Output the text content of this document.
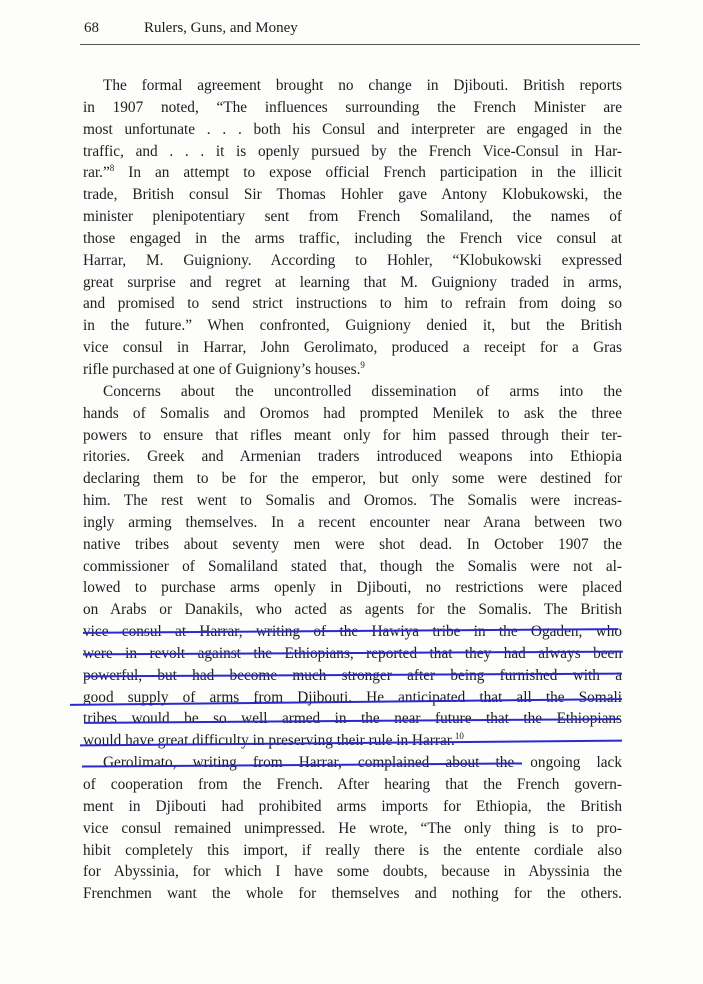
68	Rulers, Guns, and Money
The formal agreement brought no change in Djibouti. British reports
in 1907 noted, “The influences surrounding the French Minister are
most unfortunate . . . both his Consul and interpreter are engaged in the
traffic, and . . . it is openly pursued by the French Vice-Consul in Har-
rar.”$^8$ In an attempt to expose official French participation in the illicit
trade, British consul Sir Thomas Hohler gave Antony Klobukowski, the
minister plenipotentiary sent from French Somaliland, the names of
those engaged in the arms traffic, including the French vice consul at
Harrar, M. Guigniony. According to Hohler, “Klobukowski expressed
great surprise and regret at learning that M. Guigniony traded in arms,
and promised to send strict instructions to him to refrain from doing so
in the future.” When confronted, Guigniony denied it, but the British
vice consul in Harrar, John Gerolimato, produced a receipt for a Gras
rifle purchased at one of Guigniony’s houses.$^9$
Concerns about the uncontrolled dissemination of arms into the
hands of Somalis and Oromos had prompted Menilek to ask the three
powers to ensure that rifles meant only for him passed through their ter-
ritories. Greek and Armenian traders introduced weapons into Ethiopia
declaring them to be for the emperor, but only some were destined for
him. The rest went to Somalis and Oromos. The Somalis were increas-
ingly arming themselves. In a recent encounter near Arana between two
native tribes about seventy men were shot dead. In October 1907 the
commissioner of Somaliland stated that, though the Somalis were not al-
lowed to purchase arms openly in Djibouti, no restrictions were placed
on Arabs or Danakils, who acted as agents for the Somalis. The British
vice consul at Harrar, writing of the Hawiya tribe in the Ogaden, who
were in revolt against the Ethiopians, reported that they had always been
powerful, but had become much stronger after being furnished with a
good supply of arms from Djibouti. He anticipated that all the Somali
tribes would be so well armed in the near future that the Ethiopians
would have great difficulty in preserving their rule in Harrar.$^{10}$
Gerolimato, writing from Harrar, complained about the ongoing lack
of cooperation from the French. After hearing that the French govern-
ment in Djibouti had prohibited arms imports for Ethiopia, the British
vice consul remained unimpressed. He wrote, “The only thing is to pro-
hibit completely this import, if really there is the entente cordiale also
for Abyssinia, for which I have some doubts, because in Abyssinia the
Frenchmen want the whole for themselves and nothing for the others.
